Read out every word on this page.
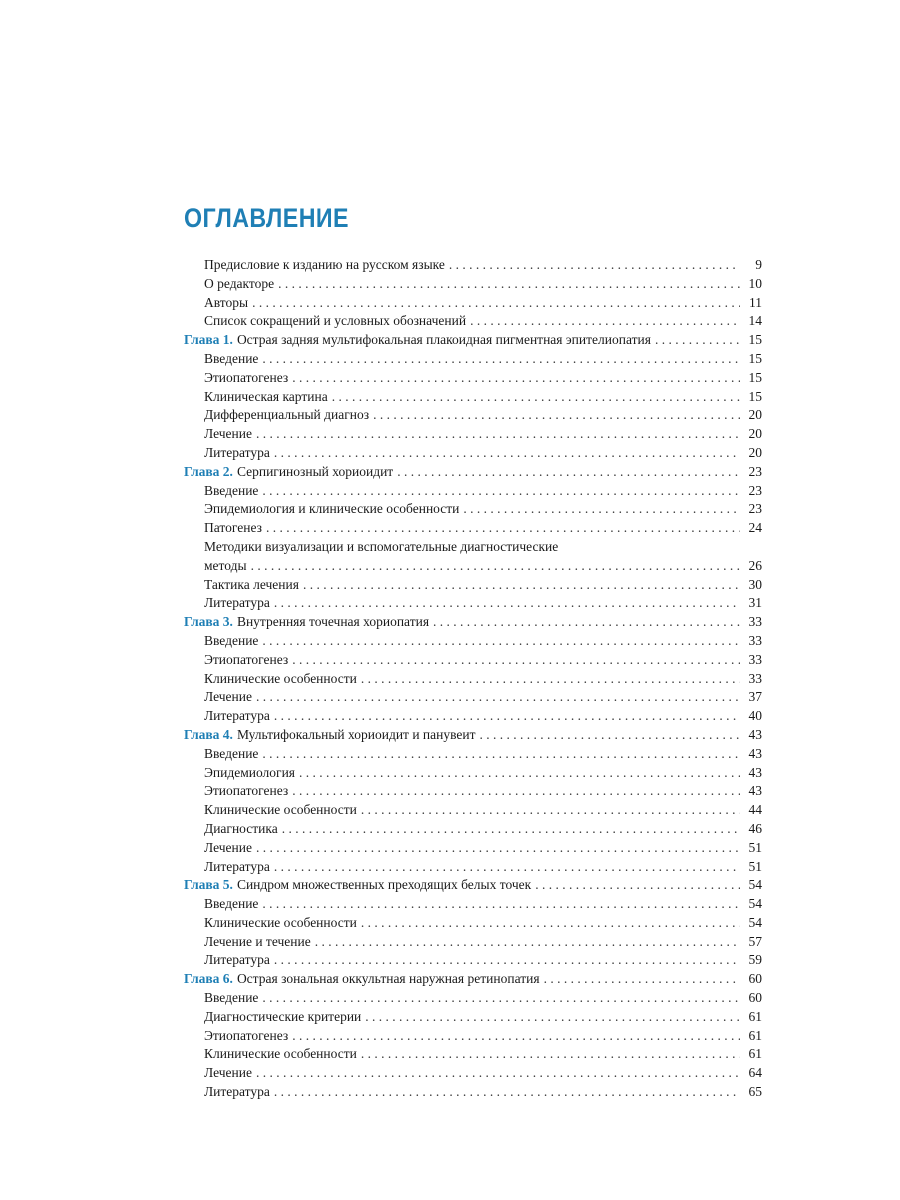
ОГЛАВЛЕНИЕ
Предисловие к изданию на русском языке . . .	9
О редакторе . . .	10
Авторы . . .	11
Список сокращений и условных обозначений . . .	14
Глава 1. Острая задняя мультифокальная плакоидная пигментная эпителиопатия . . .	15
Введение . . .	15
Этиопатогенез . . .	15
Клиническая картина . . .	15
Дифференциальный диагноз . . .	20
Лечение . . .	20
Литература . . .	20
Глава 2. Серпигинозный хориоидит . . .	23
Введение . . .	23
Эпидемиология и клинические особенности . . .	23
Патогенез . . .	24
Методики визуализации и вспомогательные диагностические
методы . . .	26
Тактика лечения . . .	30
Литература . . .	31
Глава 3. Внутренняя точечная хориопатия . . .	33
Введение . . .	33
Этиопатогенез . . .	33
Клинические особенности . . .	33
Лечение . . .	37
Литература . . .	40
Глава 4. Мультифокальный хориоидит и панувеит . . .	43
Введение . . .	43
Эпидемиология . . .	43
Этиопатогенез . . .	43
Клинические особенности . . .	44
Диагностика . . .	46
Лечение . . .	51
Литература . . .	51
Глава 5. Синдром множественных преходящих белых точек . . .	54
Введение . . .	54
Клинические особенности . . .	54
Лечение и течение . . .	57
Литература . . .	59
Глава 6. Острая зональная оккультная наружная ретинопатия . . .	60
Введение . . .	60
Диагностические критерии . . .	61
Этиопатогенез . . .	61
Клинические особенности . . .	61
Лечение . . .	64
Литература . . .	65
